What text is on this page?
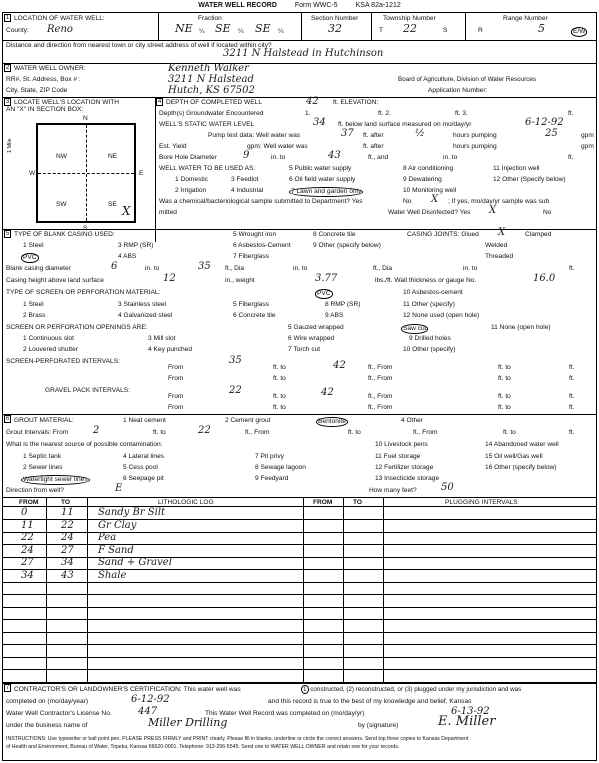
WATER WELL RECORD	Form WWC-5	KSA 82a-1212
1 LOCATION OF WATER WELL:
County: Reno
Fraction
NE ¼ SE ¼ SE ¼
Section Number
32
Township Number
T 22	S
Range Number
R	5	E/W
Distance and direction from nearest town or city street address of well if located within city?
3211 N Halstead in Hutchinson
2 WATER WELL OWNER:	Kenneth Walker
RR#, St. Address, Box # :	3211 N Halstead
City, State, ZIP Code	Hutch, KS 67502
Board of Agriculture, Division of Water Resources
Application Number:
3 LOCATE WELL'S LOCATION WITH
AN "X" IN SECTION BOX:
N
S
W	E
1 Mile
NW	NE
SW	SE X
4 DEPTH OF COMPLETED WELL	42 ft. ELEVATION:
Depth(s) Groundwater Encountered	1.	ft. 2.	ft. 3.	ft.
WELL'S STATIC WATER LEVEL	34 ft. below land surface measured on mo/day/yr	6-12-92
Pump test data: Well water was	37 ft. after	½	hours pumping	25	gpm
Est. Yield	gpm: Well water was	ft. after	hours pumping	gpm
Bore Hole Diameter	9	in. to	43	ft., and	in. to	ft.
WELL WATER TO BE USED AS:	5 Public water supply	8 Air conditioning	11 Injection well
1 Domestic	3 Feedlot	6 Oil field water supply	9 Dewatering	12 Other (Specify below)
2 Irrigation	4 Industrial	7 Lawn and garden only	10 Monitoring well
Was a chemical/bacteriological sample submitted to Department? Yes	No X ; If yes, mo/day/yr sample was sub
mitted	Water Well Disinfected? Yes X	No
5 TYPE OF BLANK CASING USED:	5 Wrought iron	8 Concrete tile	CASING JOINTS: Glued X	Clamped
1 Steel	3 RMP (SR)	6 Asbestos-Cement	9 Other (specify below)	Welded
PVC	4 ABS	7 Fiberglass	Threaded
Blank casing diameter	6	in. to	35 ft., Dia	in. to	ft., Dia	in. to	ft.
Casing height above land surface	12	in., weight	3.77	lbs./ft. Wall thickness or gauge No.	16.0
TYPE OF SCREEN OR PERFORATION MATERIAL:	PVC	10 Asbestos-cement
1 Steel	3 Stainless steel	5 Fiberglass	8 RMP (SR)	11 Other (specify)
2 Brass	4 Galvanized steel	6 Concrete tile	9 ABS	12 None used (open hole)
SCREEN OR PERFORATION OPENINGS ARE:	5 Gauzed wrapped	Saw cut	11 None (open hole)
1 Continuous slot	3 Mill slot	6 Wire wrapped	9 Drilled holes
2 Louvered shutter	4 Key punched	7 Torch cut	10 Other (specify)
SCREEN-PERFORATED INTERVALS:
From
35
ft. to	42	ft., From	ft. to	ft.
From	ft. to	ft., From	ft. to	ft.
GRAVEL PACK INTERVALS:
From
22
ft. to	42	ft., From	ft. to	ft.
From	ft. to	ft., From	ft. to	ft.
6 GROUT MATERIAL:	1 Neat cement	2 Cement grout	Bentonite	4 Other
Grout Intervals: From 2	ft. to	22	ft., From	ft. to	ft., From	ft. to	ft.
What is the nearest source of possible contamination:	10 Livestock pens	14 Abandoned water well
1 Septic tank	4 Lateral lines	7 Pit privy	11 Fuel storage	15 Oil well/Gas well
2 Sewer lines	5 Cess pool	8 Sewage lagoon	12 Fertilizer storage	16 Other (specify below)
Watertight sewer lines	6 Seepage pit	9 Feedyard	13 Insecticide storage
Direction from well?	E	How many feet? 50
FROM	TO	LITHOLOGIC LOG	FROM	TO	PLUGGING INTERVALS
0	11 Sandy Br Silt
11	22 Gr Clay
22	24 Pea
24	27 F Sand
27	34 Sand + Gravel
34	43 Shale
7 CONTRACTOR'S OR LANDOWNER'S CERTIFICATION: This water well was	1 constructed, (2) reconstructed, or (3) plugged under my jurisdiction and was
completed on (mo/day/year)	6-12-92	and this record is true to the best of my knowledge and belief. Kansas
Water Well Contractor's License No.	447	This Water Well Record was completed on (mo/day/yr)	6-13-92
under the business name of	Miller Drilling	by (signature)	E. Miller
INSTRUCTIONS: Use typewriter or ball point pen. PLEASE PRESS FIRMLY and PRINT clearly. Please fill in blanks, underline or circle the correct answers. Send top three copies to Kansas Department
of Health and Environment, Bureau of Water, Topeka, Kansas 66620-0001. Telephone: 913-296-5545. Send one to WATER WELL OWNER and retain one for your records.
